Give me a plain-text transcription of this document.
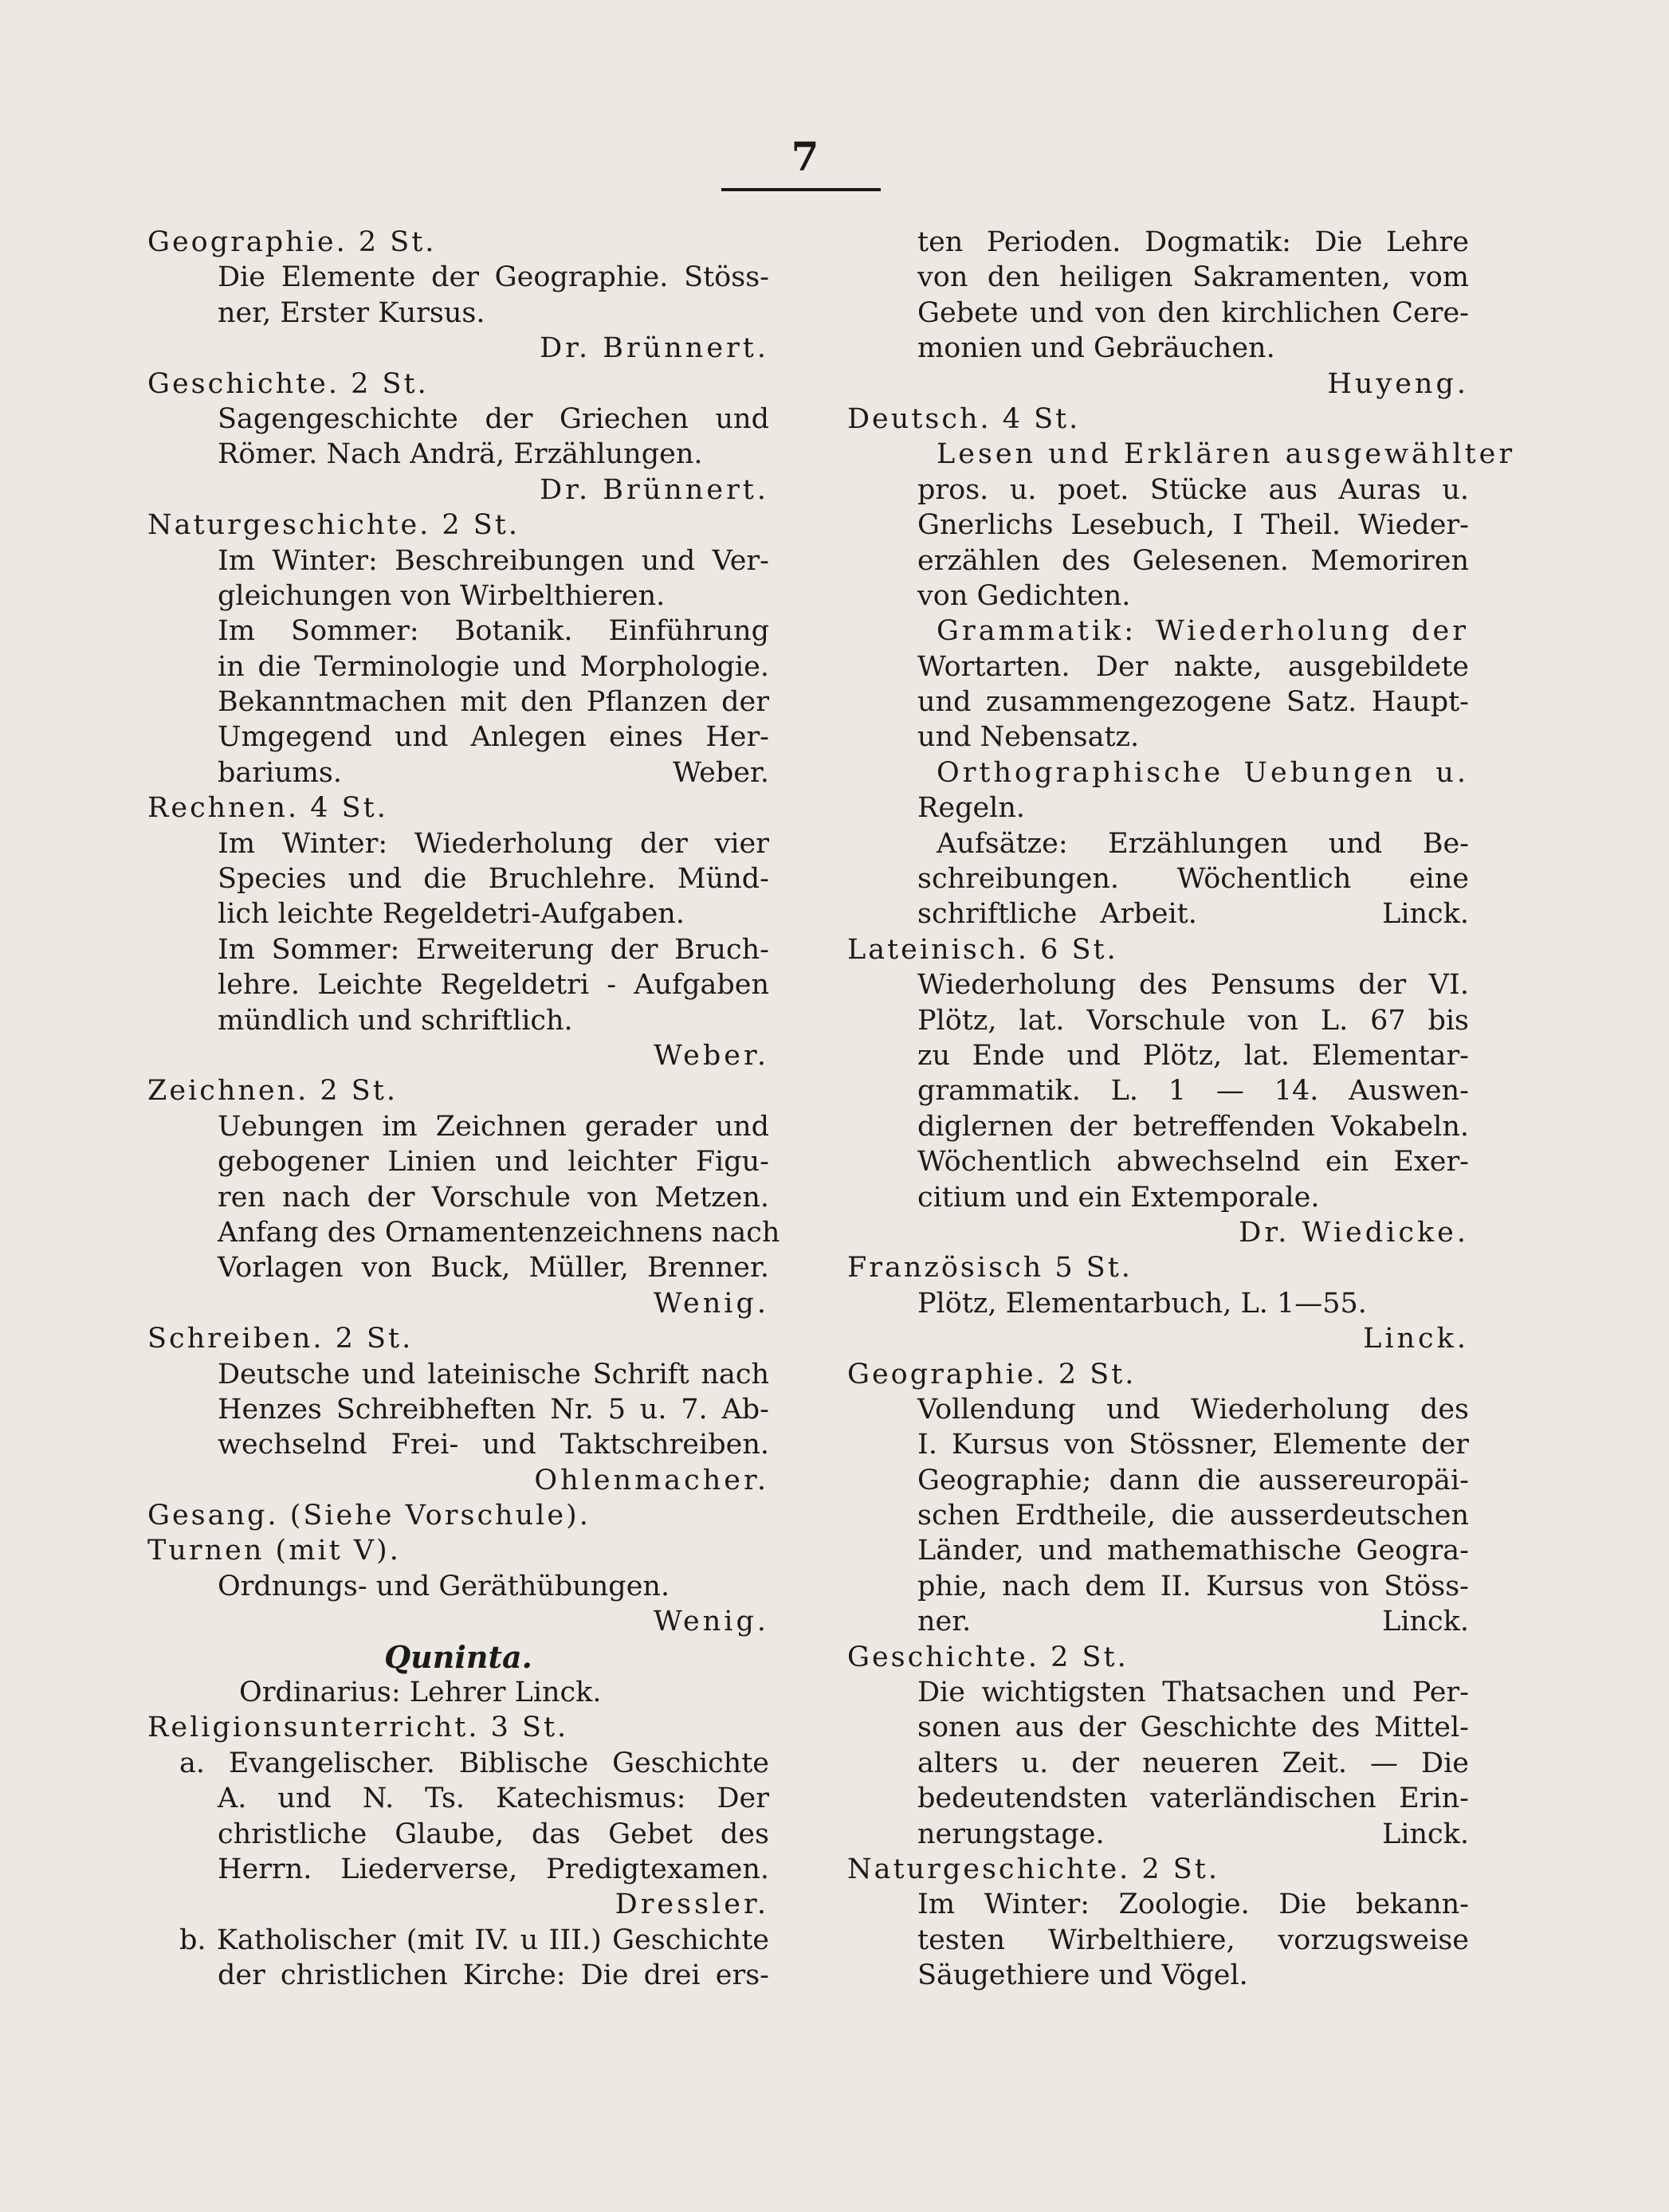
7
Geographie. 2 St.
Die Elemente der Geographie. Stöss-
ner, Erster Kursus.
Dr. Brünnert.
Geschichte. 2 St.
Sagengeschichte der Griechen und
Römer. Nach Andrä, Erzählungen.
Dr. Brünnert.
Naturgeschichte. 2 St.
Im Winter: Beschreibungen und Ver-
gleichungen von Wirbelthieren.
Im Sommer: Botanik. Einführung
in die Terminologie und Morphologie.
Bekanntmachen mit den Pflanzen der
Umgegend und Anlegen eines Her-
bariums.                    Weber.
Rechnen. 4 St.
Im Winter: Wiederholung der vier
Species und die Bruchlehre. Münd-
lich leichte Regeldetri-Aufgaben.
Im Sommer: Erweiterung der Bruch-
lehre. Leichte Regeldetri - Aufgaben
mündlich und schriftlich.
Weber.
Zeichnen. 2 St.
Uebungen im Zeichnen gerader und
gebogener Linien und leichter Figu-
ren nach der Vorschule von Metzen.
Anfang des Ornamentenzeichnens nach
Vorlagen von Buck, Müller, Brenner.
Wenig.
Schreiben. 2 St.
Deutsche und lateinische Schrift nach
Henzes Schreibheften Nr. 5 u. 7. Ab-
wechselnd Frei- und Taktschreiben.
Ohlenmacher.
Gesang. (Siehe Vorschule).
Turnen (mit V).
Ordnungs- und Geräthübungen.
Wenig.
Quninta.
Ordinarius: Lehrer Linck.
Religionsunterricht. 3 St.
a. Evangelischer. Biblische Geschichte
A. und N. Ts. Katechismus: Der
christliche Glaube, das Gebet des
Herrn. Liederverse, Predigtexamen.
Dressler.
b. Katholischer (mit IV. u III.) Geschichte
der christlichen Kirche: Die drei ers-
ten Perioden. Dogmatik: Die Lehre
von den heiligen Sakramenten, vom
Gebete und von den kirchlichen Cere-
monien und Gebräuchen.
Huyeng.
Deutsch. 4 St.
Lesen und Erklären ausgewählter
pros. u. poet. Stücke aus Auras u.
Gnerlichs Lesebuch, I Theil. Wieder-
erzählen des Gelesenen. Memoriren
von Gedichten.
Grammatik: Wiederholung der
Wortarten. Der nakte, ausgebildete
und zusammengezogene Satz. Haupt-
und Nebensatz.
Orthographische Uebungen u.
Regeln.
Aufsätze: Erzählungen und Be-
schreibungen. Wöchentlich eine
schriftliche Arbeit.        Linck.
Lateinisch. 6 St.
Wiederholung des Pensums der VI.
Plötz, lat. Vorschule von L. 67 bis
zu Ende und Plötz, lat. Elementar-
grammatik. L. 1 — 14. Auswen-
diglernen der betreffenden Vokabeln.
Wöchentlich abwechselnd ein Exer-
citium und ein Extemporale.
Dr. Wiedicke.
Französisch 5 St.
Plötz, Elementarbuch, L. 1—55.
Linck.
Geographie. 2 St.
Vollendung und Wiederholung des
I. Kursus von Stössner, Elemente der
Geographie; dann die aussereuropäi-
schen Erdtheile, die ausserdeutschen
Länder, und mathemathische Geogra-
phie, nach dem II. Kursus von Stöss-
ner.                              Linck.
Geschichte. 2 St.
Die wichtigsten Thatsachen und Per-
sonen aus der Geschichte des Mittel-
alters u. der neueren Zeit. — Die
bedeutendsten vaterländischen Erin-
nerungstage.                   Linck.
Naturgeschichte. 2 St.
Im Winter: Zoologie. Die bekann-
testen Wirbelthiere, vorzugsweise
Säugethiere und Vögel.
